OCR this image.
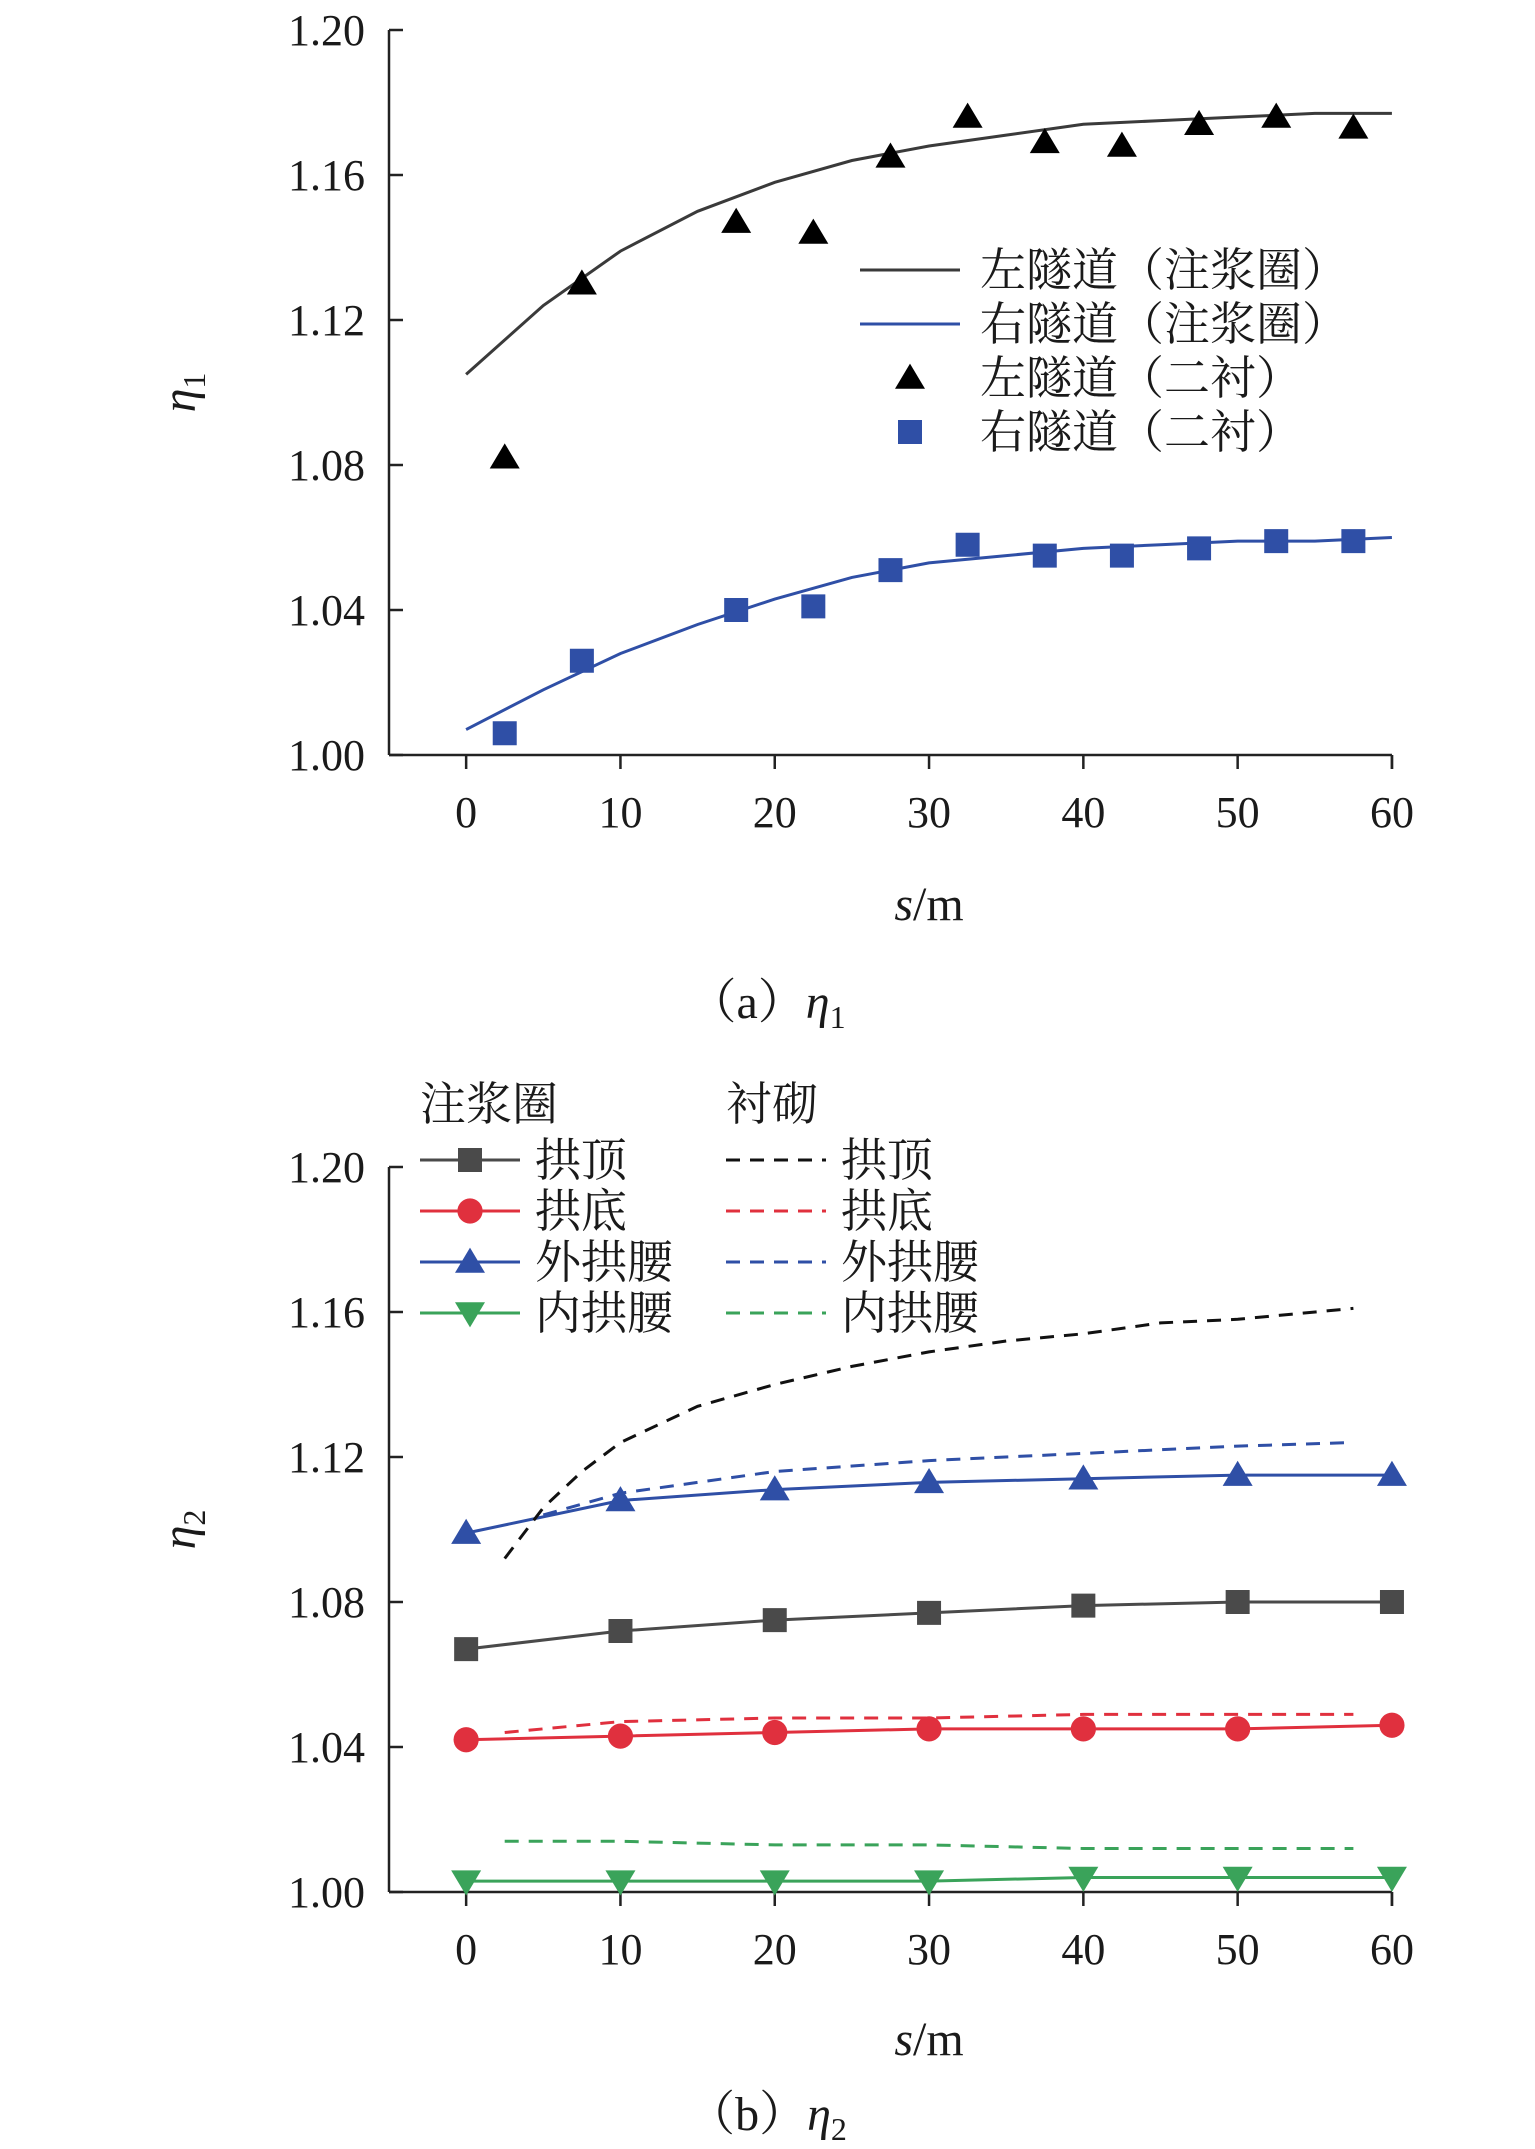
1.00
1.04
1.08
1.12
1.16
1.20
0	10	20	30	40	50	60
s/m
$\eta_1$
$(a)\eta_1$
左隧道（注浆圈）
右隧道（注浆圈）
左隧道（二衬）
右隧道（二衬）
1.00
1.04
1.08
1.12
1.16
1.20
0	10	20	30	40	50	60
s/m
$\eta_2$
$(b)\eta_2$
注浆圈	衬砌
拱顶
拱底
外拱腰
内拱腰
拱顶
拱底
外拱腰
内拱腰
